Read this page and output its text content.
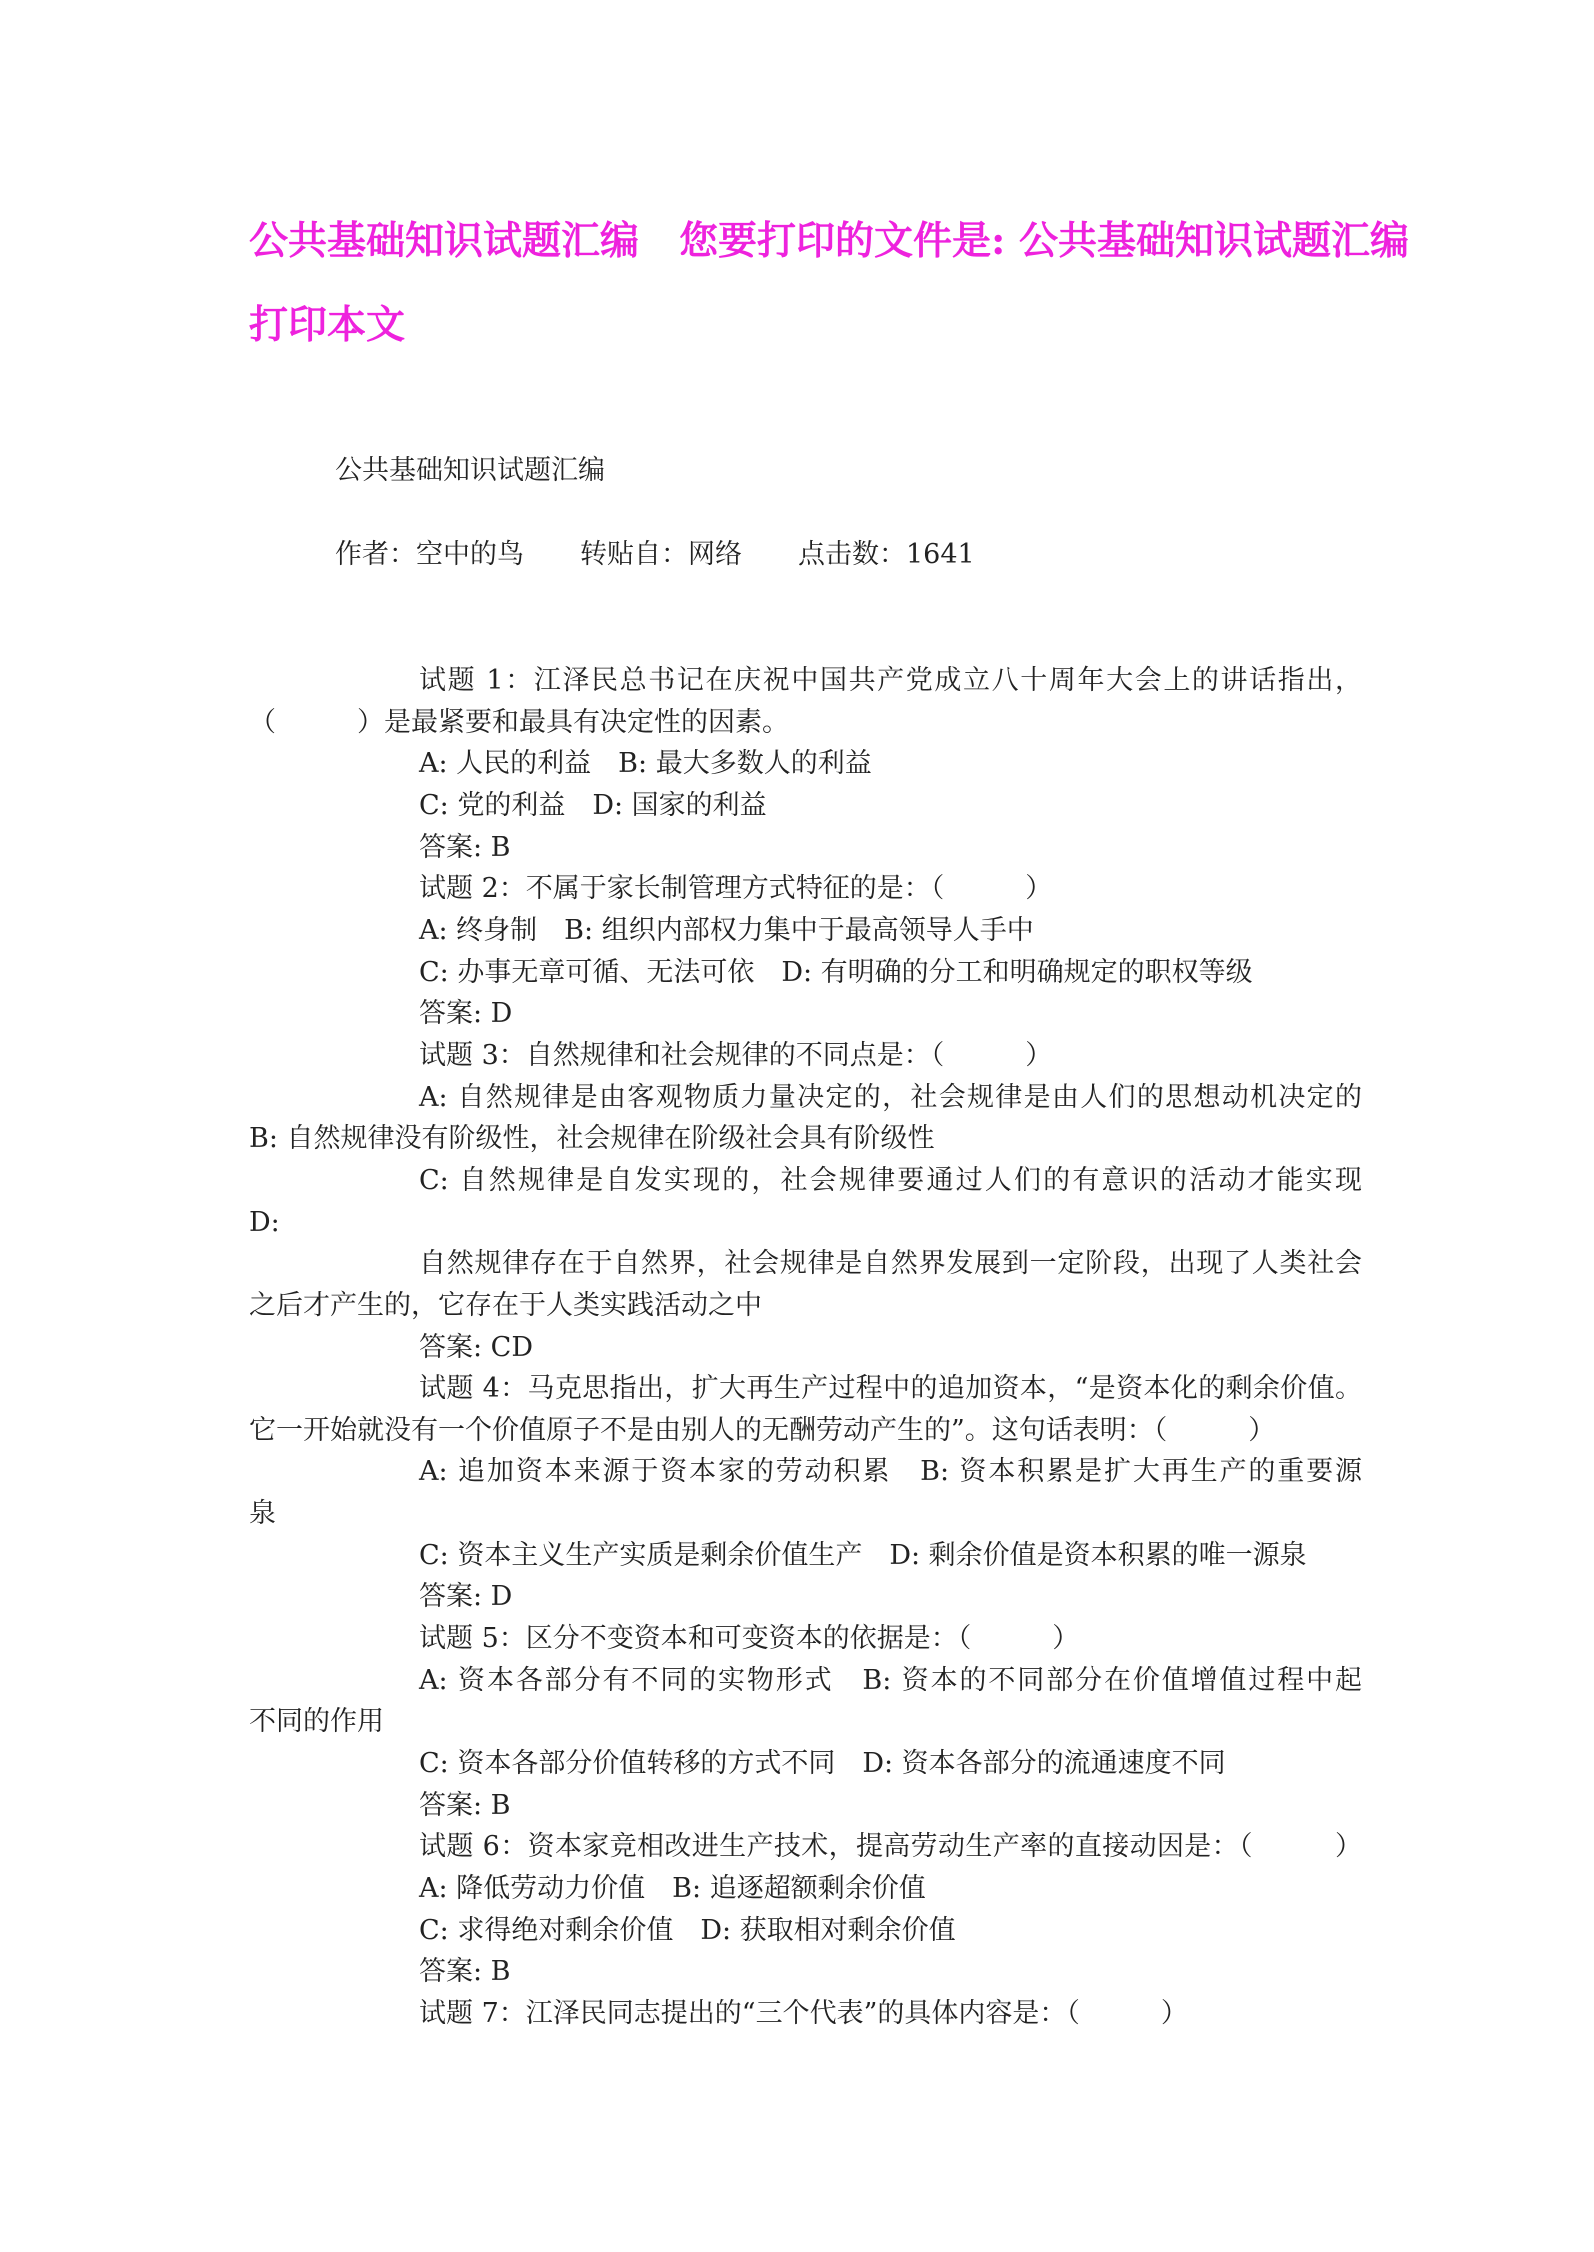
公共基础知识试题汇编 您要打印的文件是: 公共基础知识试题汇编
打印本文
公共基础知识试题汇编
作者：空中的鸟 转贴自：网络 点击数：1641
试题 1：江泽民总书记在庆祝中国共产党成立八十周年大会上的讲话指出，
（　　　）是最紧要和最具有决定性的因素。
A: 人民的利益　B: 最大多数人的利益
C: 党的利益　D: 国家的利益
答案: B
试题 2：不属于家长制管理方式特征的是：（　　　）
A: 终身制　B: 组织内部权力集中于最高领导人手中
C: 办事无章可循、无法可依　D: 有明确的分工和明确规定的职权等级
答案: D
试题 3：自然规律和社会规律的不同点是：（　　　）
A: 自然规律是由客观物质力量决定的，社会规律是由人们的思想动机决定的
B: 自然规律没有阶级性，社会规律在阶级社会具有阶级性
C: 自然规律是自发实现的，社会规律要通过人们的有意识的活动才能实现
D:
自然规律存在于自然界，社会规律是自然界发展到一定阶段，出现了人类社会
之后才产生的，它存在于人类实践活动之中
答案: CD
试题 4：马克思指出，扩大再生产过程中的追加资本，“是资本化的剩余价值。
它一开始就没有一个价值原子不是由别人的无酬劳动产生的”。这句话表明：（　　　）
A: 追加资本来源于资本家的劳动积累　B: 资本积累是扩大再生产的重要源
泉
C: 资本主义生产实质是剩余价值生产　D: 剩余价值是资本积累的唯一源泉
答案: D
试题 5：区分不变资本和可变资本的依据是：（　　　）
A: 资本各部分有不同的实物形式　B: 资本的不同部分在价值增值过程中起
不同的作用
C: 资本各部分价值转移的方式不同　D: 资本各部分的流通速度不同
答案: B
试题 6：资本家竞相改进生产技术，提高劳动生产率的直接动因是：（　　　）
A: 降低劳动力价值　B: 追逐超额剩余价值
C: 求得绝对剩余价值　D: 获取相对剩余价值
答案: B
试题 7：江泽民同志提出的“三个代表”的具体内容是：（　　　）
